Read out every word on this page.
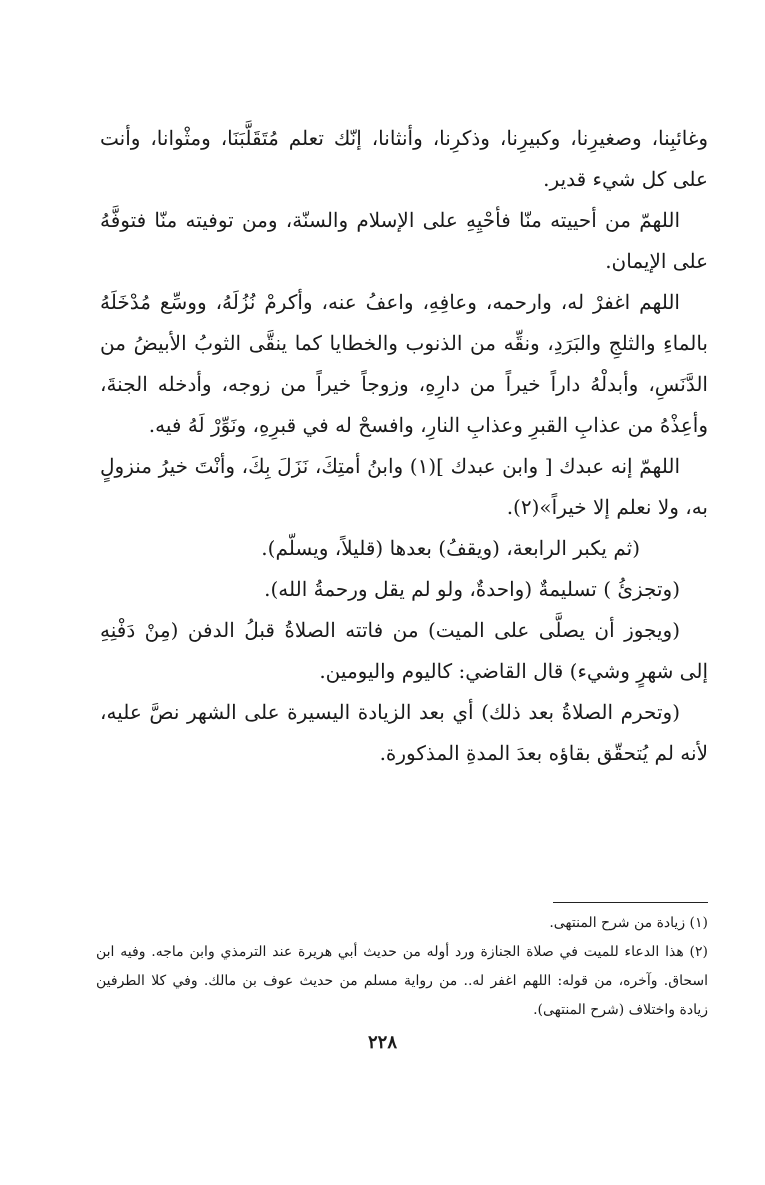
وغائبِنا، وصغيرِنا، وكبيرِنا، وذكرِنا، وأنثانا، إنّك تعلم مُتَقَلَّبَنَا، ومثْوانا، وأنت على كل شيء قدير.

اللهمّ من أحييته منّا فأحْيِهِ على الإسلام والسنّة، ومن توفيته منّا فتوفَّهُ على الإيمان.

اللهم اغفرْ له، وارحمه، وعافِهِ، واعفُ عنه، وأكرمْ نُزُلَهُ، ووسِّع مُدْخَلَهُ بالماءِ والثلجِ والبَرَدِ، ونقِّه من الذنوب والخطايا كما ينقَّى الثوبُ الأبيضُ من الدَّنَسِ، وأبدلْهُ داراً خيراً من دارِهِ، وزوجاً خيراً من زوجه، وأدخله الجنةَ، وأعِذْهُ من عذابِ القبرِ وعذابِ النارِ، وافسحْ له في قبرِهِ، ونَوِّرْ لَهُ فيه.

اللهمّ إنه عبدك [ وابن عبدك ](١) وابنُ أمتِكَ، نَزَلَ بِكَ، وأنْتَ خيرُ منزولٍ به، ولا نعلم إلا خيراً»(٢).

(ثم يكبر الرابعة، (ويقفُ) بعدها (قليلاً، ويسلّم).

(وتجزئُ ) تسليمةٌ (واحدةٌ، ولو لم يقل ورحمةُ الله).

(ويجوز أن يصلَّى على الميت) من فاتته الصلاةُ قبلُ الدفن (مِنْ دَفْنِهِ إلى شهرٍ وشيء) قال القاضي: كاليوم واليومين.

(وتحرم الصلاةُ بعد ذلك) أي بعد الزيادة اليسيرة على الشهر نصَّ عليه، لأنه لم يُتحقّق بقاؤه بعدَ المدةِ المذكورة.

(١) زيادة من شرح المنتهى.

(٢) هذا الدعاء للميت في صلاة الجنازة ورد أوله من حديث أبي هريرة عند الترمذي وابن ماجه. وفيه ابن اسحاق. وآخره، من قوله: اللهم اغفر له.. من رواية مسلم من حديث عوف بن مالك. وفي كلا الطرفين زيادة واختلاف (شرح المنتهى).

٢٢٨
